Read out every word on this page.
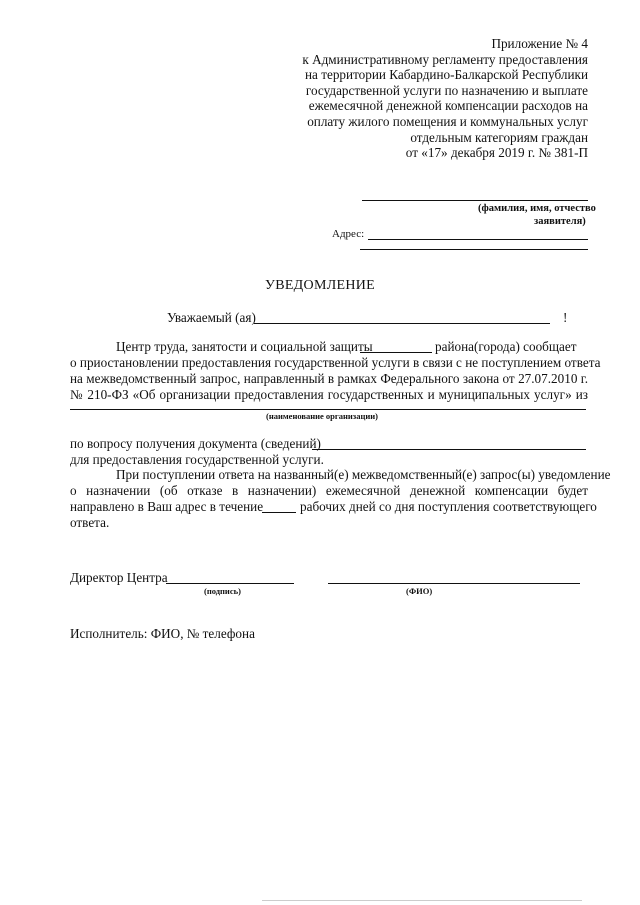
Приложение № 4
к Административному регламенту предоставления
на территории Кабардино-Балкарской Республики
государственной услуги по назначению и выплате
ежемесячной денежной компенсации расходов на
оплату жилого помещения и коммунальных услуг
отдельным категориям граждан
от «17» декабря 2019 г. № 381-П
(фамилия, имя, отчество
заявителя)
Адрес:
УВЕДОМЛЕНИЕ
Уважаемый (ая)	!
Центр труда, занятости и социальной защиты	района(города) сообщает
о приостановлении предоставления государственной услуги в связи с не поступлением ответа
на межведомственный запрос, направленный в рамках Федерального закона от 27.07.2010 г.
№ 210-ФЗ «Об организации предоставления государственных и муниципальных услуг» из
(наименование организации)
по вопросу получения документа (сведений)
для предоставления государственной услуги.
При поступлении ответа на названный(е) межведомственный(е) запрос(ы) уведомление
о назначении (об отказе в назначении) ежемесячной денежной компенсации будет
направлено в Ваш адрес в течение	рабочих дней со дня поступления соответствующего
ответа.
Директор Центра
(подпись)	(ФИО)
Исполнитель: ФИО, № телефона
